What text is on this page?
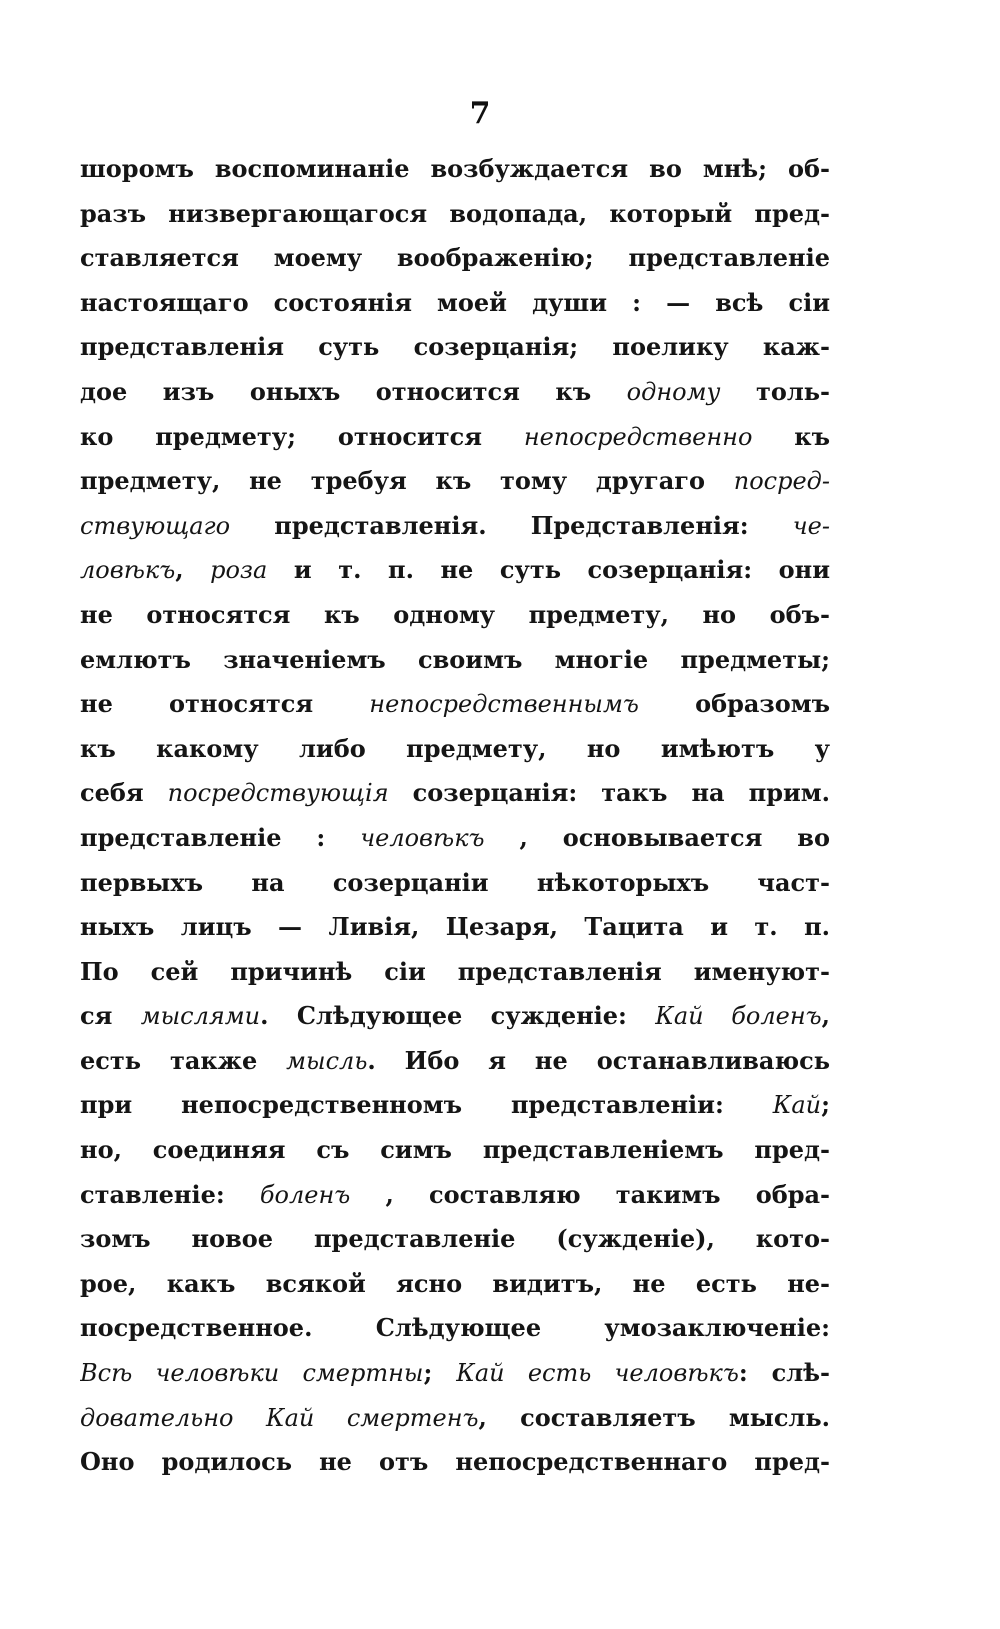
7
шоромъ воспоминаніе возбуждается во мнѣ; об-
разъ низвергающагося водопада, который пред-
ставляется моему воображенію; представленіе
настоящаго состоянія моей души : — всѣ сіи
представленія суть созерцанія; поелику каж-
дое изъ оныхъ относится къ одному толь-
ко предмету; относится непосредственно къ
предмету, не требуя къ тому другаго посред-
ствующаго представленія. Представленія: че-
ловѣкъ, роза и т. п. не суть созерцанія: они
не относятся къ одному предмету, но объ-
емлютъ значеніемъ своимъ многіе предметы;
не относятся непосредственнымъ образомъ
къ какому либо предмету, но имѣютъ у
себя посредствующія созерцанія: такъ на прим.
представленіе : человѣкъ , основывается во
первыхъ на созерцаніи нѣкоторыхъ част-
ныхъ лицъ — Ливія, Цезаря, Тацита и т. п.
По сей причинѣ сіи представленія именуют-
ся мыслями. Слѣдующее сужденіе: Кай боленъ,
есть также мысль. Ибо я не останавливаюсь
при непосредственномъ представленіи: Кай;
но, соединяя съ симъ представленіемъ пред-
ставленіе: боленъ , составляю такимъ обра-
зомъ новое представленіе (сужденіе), кото-
рое, какъ всякой ясно видитъ, не есть не-
посредственное. Слѣдующее умозаключеніе:
Всѣ человѣки смертны; Кай есть человѣкъ: слѣ-
довательно Кай смертенъ, составляетъ мысль.
Оно родилось не отъ непосредственнаго пред-
